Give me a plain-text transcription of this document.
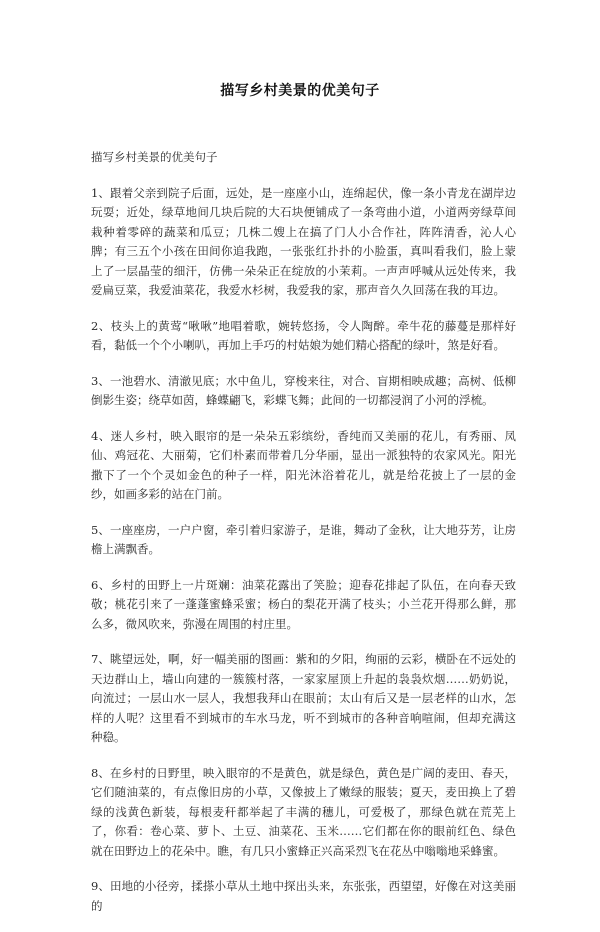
描写乡村美景的优美句子

描写乡村美景的优美句子

1、跟着父亲到院子后面，远处，是一座座小山，连绵起伏，像一条小青龙在湖岸边玩耍；近处，绿草地间几块后院的大石块便铺成了一条弯曲小道，小道两旁绿草间栽种着零碎的蔬菜和瓜豆；几株二嫂上在搞了门人小合作社，阵阵清香，沁人心脾；有三五个小孩在田间你追我跑，一张张红扑扑的小脸蛋，真叫看我们，脸上蒙上了一层晶莹的细汗，仿佛一朵朵正在绽放的小茉莉。一声声呼喊从远处传来，我爱扁豆菜，我爱油菜花，我爱水杉树，我爱我的家，那声音久久回荡在我的耳边。

2、枝头上的黄莺“啾啾”地唱着歌，婉转悠扬，令人陶醉。牵牛花的藤蔓是那样好看，黏低一个个小喇叭，再加上手巧的村姑娘为她们精心搭配的绿叶，煞是好看。

3、一池碧水、清澈见底；水中鱼儿，穿梭来往，对合、盲期相映成趣；高树、低柳倒影生姿；绕草如茵，蜂蝶翩飞，彩蝶飞舞；此间的一切都浸润了小河的浮梳。

4、迷人乡村，映入眼帘的是一朵朵五彩缤纷，香纯而又美丽的花儿，有秀丽、凤仙、鸡冠花、大丽菊，它们朴素而带着几分华丽，显出一派独特的农家风光。阳光撒下了一个个灵如金色的种子一样，阳光沐浴着花儿，就是给花披上了一层的金纱，如画多彩的站在门前。

5、一座座房，一户户窗，牵引着归家游子，是谁，舞动了金秋，让大地芬芳，让房檐上满飘香。

6、乡村的田野上一片斑斓：油菜花露出了笑脸；迎春花排起了队伍，在向春天致敬；桃花引来了一蓬蓬蜜蜂采蜜；杨白的梨花开满了枝头；小兰花开得那么鲜，那么多，微风吹来，弥漫在周围的村庄里。

7、眺望远处，啊，好一幅美丽的图画：紫和的夕阳，绚丽的云彩，横卧在不远处的天边群山上，墙山向建的一簇簇村落，一家家屋顶上升起的袅袅炊烟……奶奶说，向流过；一层山水一层人，我想我拜山在眼前；太山有后又是一层老样的山水，怎样的人呢？这里看不到城市的车水马龙，听不到城市的各种音响喧闹，但却充满这种稳。

8、在乡村的日野里，映入眼帘的不是黄色，就是绿色，黄色是广阔的麦田、春天，它们随油菜的，有点像旧房的小草，又像披上了嫩绿的服装；夏天，麦田换上了碧绿的浅黄色新装，每根麦秆都举起了丰满的穗儿，可爱极了，那绿色就在荒芜上了，你看：卷心菜、萝卜、土豆、油菜花、玉米……它们都在你的眼前红色、绿色就在田野边上的花朵中。瞧，有几只小蜜蜂正兴高采烈飞在花丛中嗡嗡地采蜂蜜。

9、田地的小径旁，揉搽小草从土地中探出头来，东张张，西望望，好像在对这美丽的
